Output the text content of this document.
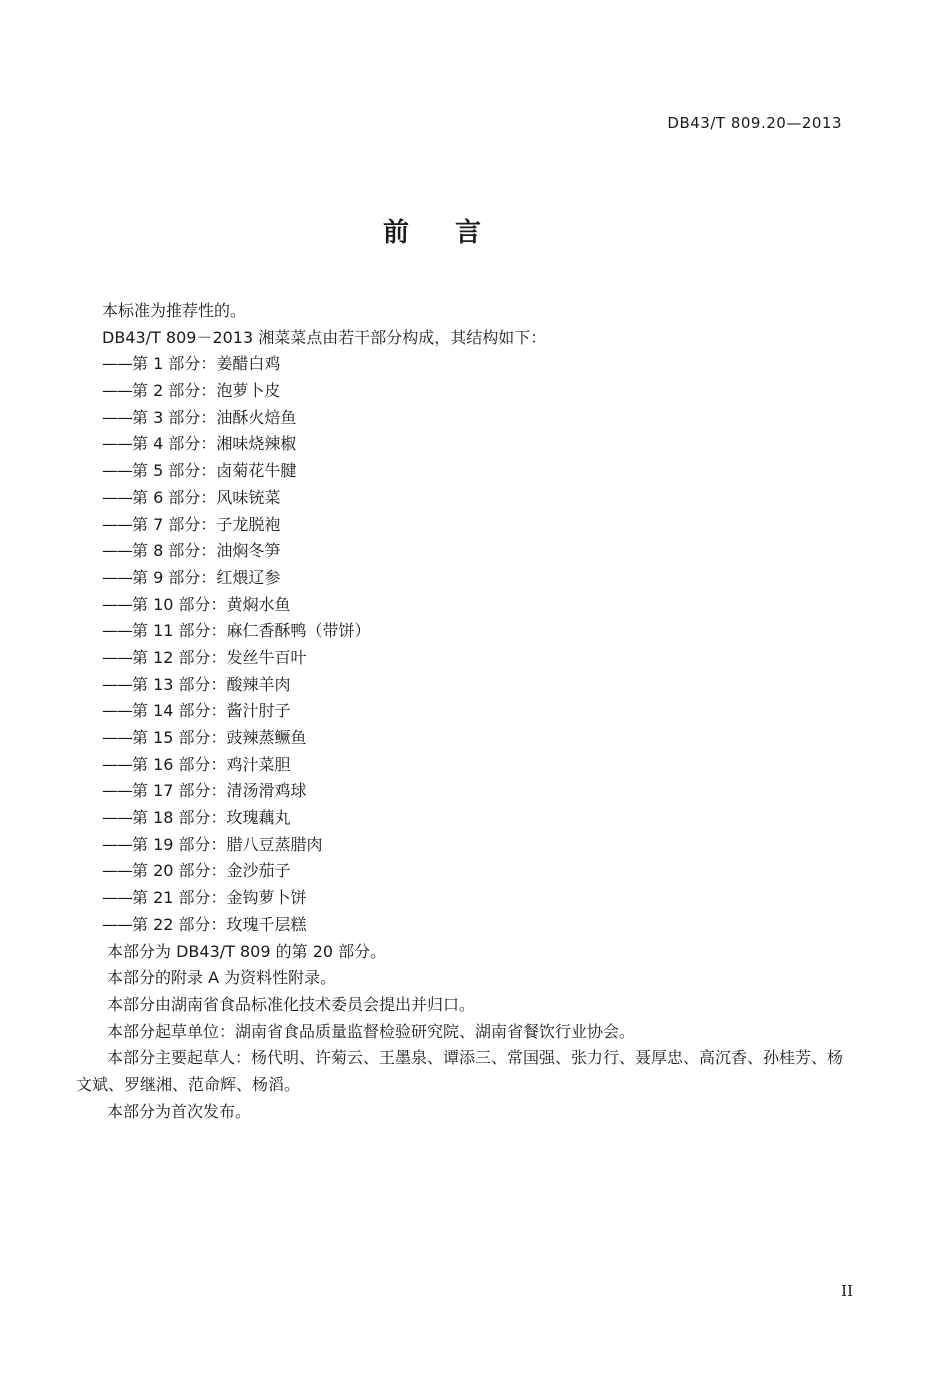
DB43/T 809.20—2013
前言
本标准为推荐性的。
DB43/T 809－2013 湘菜菜点由若干部分构成，其结构如下：
——第 1 部分：姜醋白鸡
——第 2 部分：泡萝卜皮
——第 3 部分：油酥火焙鱼
——第 4 部分：湘味烧辣椒
——第 5 部分：卤菊花牛腱
——第 6 部分：风味铳菜
——第 7 部分：子龙脱袍
——第 8 部分：油焖冬笋
——第 9 部分：红煨辽参
——第 10 部分：黄焖水鱼
——第 11 部分：麻仁香酥鸭（带饼）
——第 12 部分：发丝牛百叶
——第 13 部分：酸辣羊肉
——第 14 部分：酱汁肘子
——第 15 部分：豉辣蒸鳜鱼
——第 16 部分：鸡汁菜胆
——第 17 部分：清汤滑鸡球
——第 18 部分：玫瑰藕丸
——第 19 部分：腊八豆蒸腊肉
——第 20 部分：金沙茄子
——第 21 部分：金钩萝卜饼
——第 22 部分：玫瑰千层糕
本部分为 DB43/T 809 的第 20 部分。
本部分的附录 A 为资料性附录。
本部分由湖南省食品标准化技术委员会提出并归口。
本部分起草单位：湖南省食品质量监督检验研究院、湖南省餐饮行业协会。
本部分主要起草人：杨代明、许菊云、王墨泉、谭添三、常国强、张力行、聂厚忠、高沉香、孙桂芳、杨文斌、罗继湘、范命辉、杨滔。
本部分为首次发布。
II
